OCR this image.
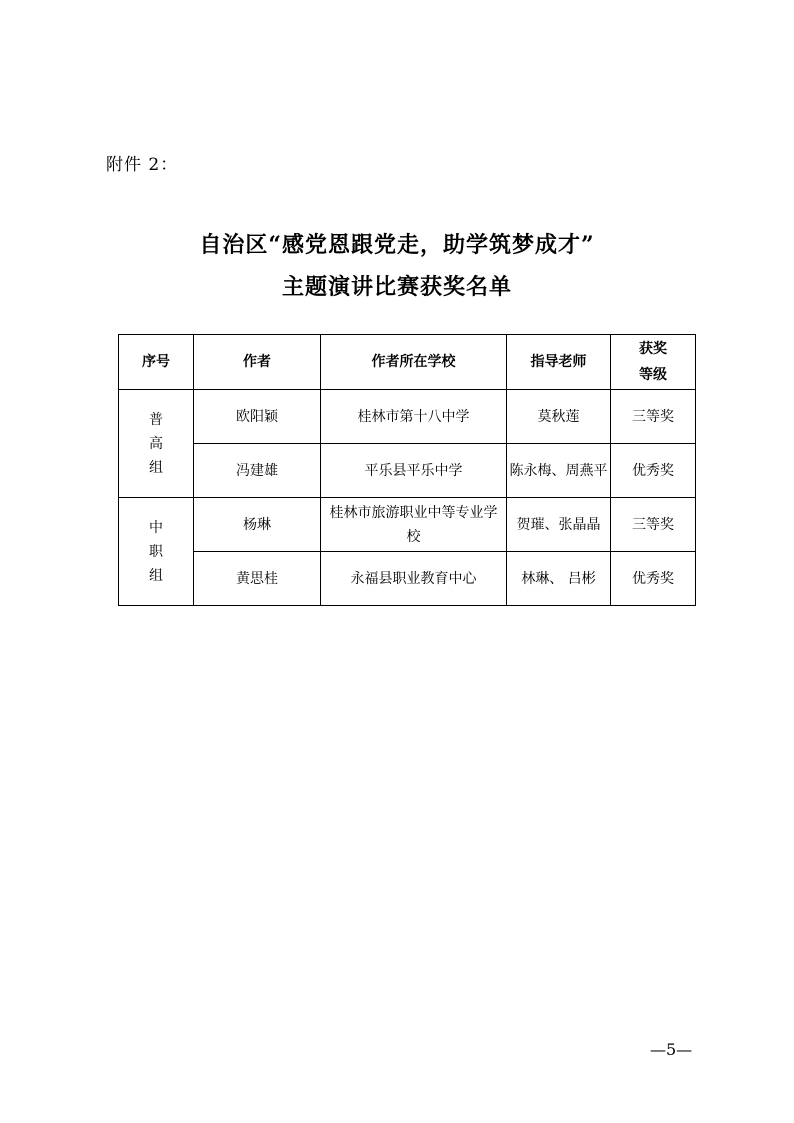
附件 2：
自治区“感党恩跟党走，助学筑梦成才”
主题演讲比赛获奖名单
序号	作者	作者所在学校	指导老师	获奖
等级

普
高
组	欧阳颖	桂林市第十八中学	莫秋莲	三等奖
	冯建雄	平乐县平乐中学	陈永梅、周燕平	优秀奖

中
职
组	杨琳	桂林市旅游职业中等专业学校	贺璀、张晶晶	三等奖
	黄思桂	永福县职业教育中心	林琳、 吕彬	优秀奖
—5—
